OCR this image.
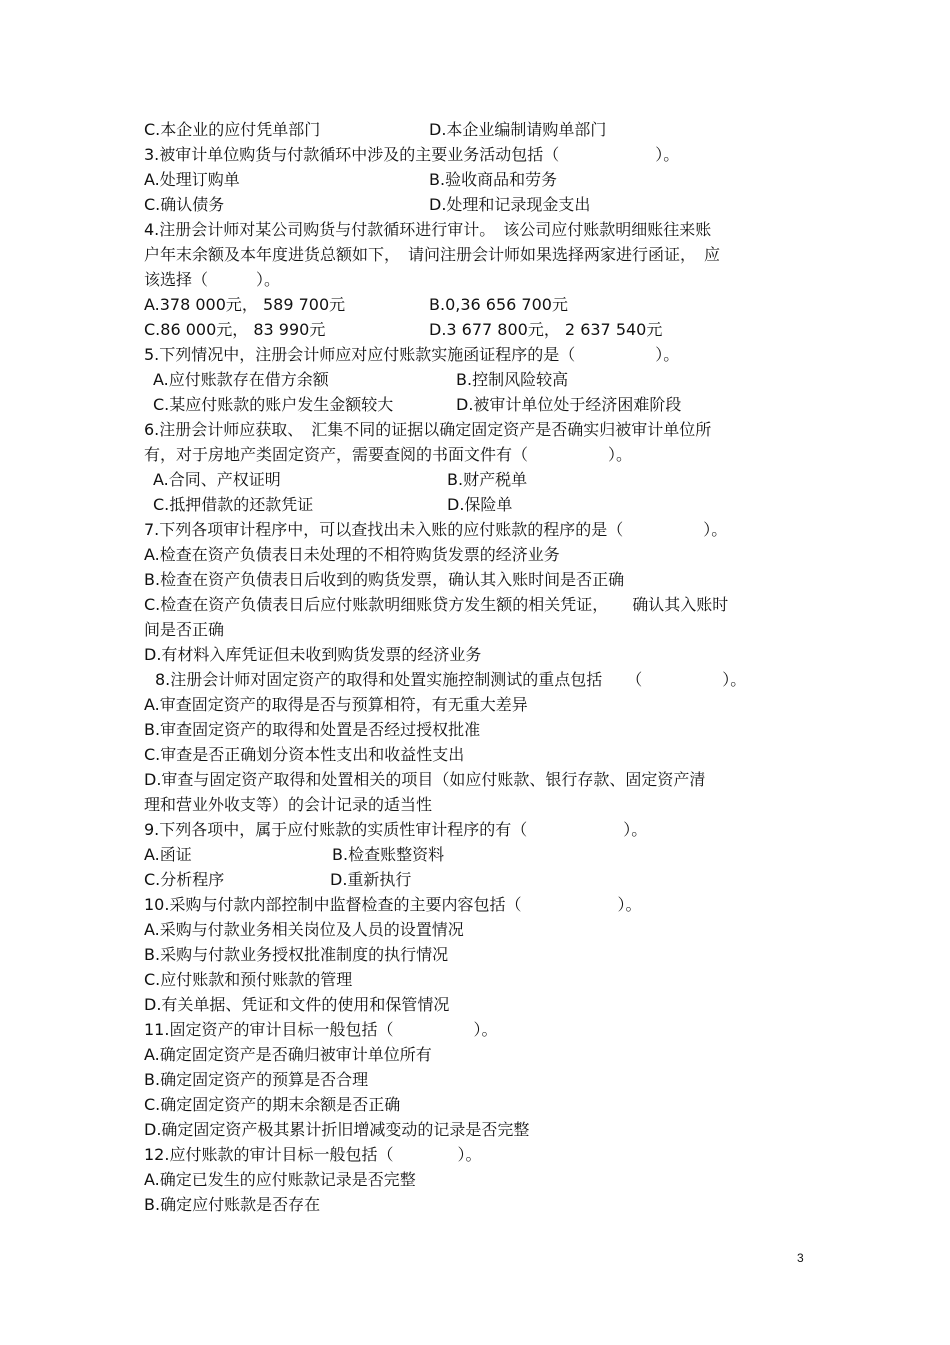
C.本企业的应付凭单部门	D.本企业编制请购单部门
3.被审计单位购货与付款循环中涉及的主要业务活动包括（　　　　　　）。
A.处理订购单	B.验收商品和劳务
C.确认债务	D.处理和记录现金支出
4.注册会计师对某公司购货与付款循环进行审计。　该公司应付账款明细账往来账
户年末余额及本年度进货总额如下，　请问注册会计师如果选择两家进行函证，　应
该选择（　　　）。
A.378 000元， 589 700元	B.0,36 656 700元
C.86 000元， 83 990元	D.3 677 800元， 2 637 540元
5.下列情况中，注册会计师应对应付账款实施函证程序的是（　　　　　）。
A.应付账款存在借方余额	B.控制风险较高
C.某应付账款的账户发生金额较大	D.被审计单位处于经济困难阶段
6.注册会计师应获取、　汇集不同的证据以确定固定资产是否确实归被审计单位所
有，对于房地产类固定资产，需要查阅的书面文件有（　　　　　）。
A.合同、产权证明	B.财产税单
C.抵押借款的还款凭证	D.保险单
7.下列各项审计程序中，可以查找出未入账的应付账款的程序的是（　　　　　）。
A.检查在资产负债表日未处理的不相符购货发票的经济业务
B.检查在资产负债表日后收到的购货发票，确认其入账时间是否正确
C.检查在资产负债表日后应付账款明细账贷方发生额的相关凭证，　　确认其入账时
间是否正确
D.有材料入库凭证但未收到购货发票的经济业务
8.注册会计师对固定资产的取得和处置实施控制测试的重点包括　　（　　　　　）。
A.审查固定资产的取得是否与预算相符，有无重大差异
B.审查固定资产的取得和处置是否经过授权批准
C.审查是否正确划分资本性支出和收益性支出
D.审查与固定资产取得和处置相关的项目（如应付账款、银行存款、固定资产清
理和营业外收支等）的会计记录的适当性
9.下列各项中，属于应付账款的实质性审计程序的有（　　　　　　）。
A.函证	B.检查账整资料
C.分析程序	D.重新执行
10.采购与付款内部控制中监督检查的主要内容包括（　　　　　　）。
A.采购与付款业务相关岗位及人员的设置情况
B.采购与付款业务授权批准制度的执行情况
C.应付账款和预付账款的管理
D.有关单据、凭证和文件的使用和保管情况
11.固定资产的审计目标一般包括（　　　　　）。
A.确定固定资产是否确归被审计单位所有
B.确定固定资产的预算是否合理
C.确定固定资产的期末余额是否正确
D.确定固定资产极其累计折旧增减变动的记录是否完整
12.应付账款的审计目标一般包括（　　　　）。
A.确定已发生的应付账款记录是否完整
B.确定应付账款是否存在
3
